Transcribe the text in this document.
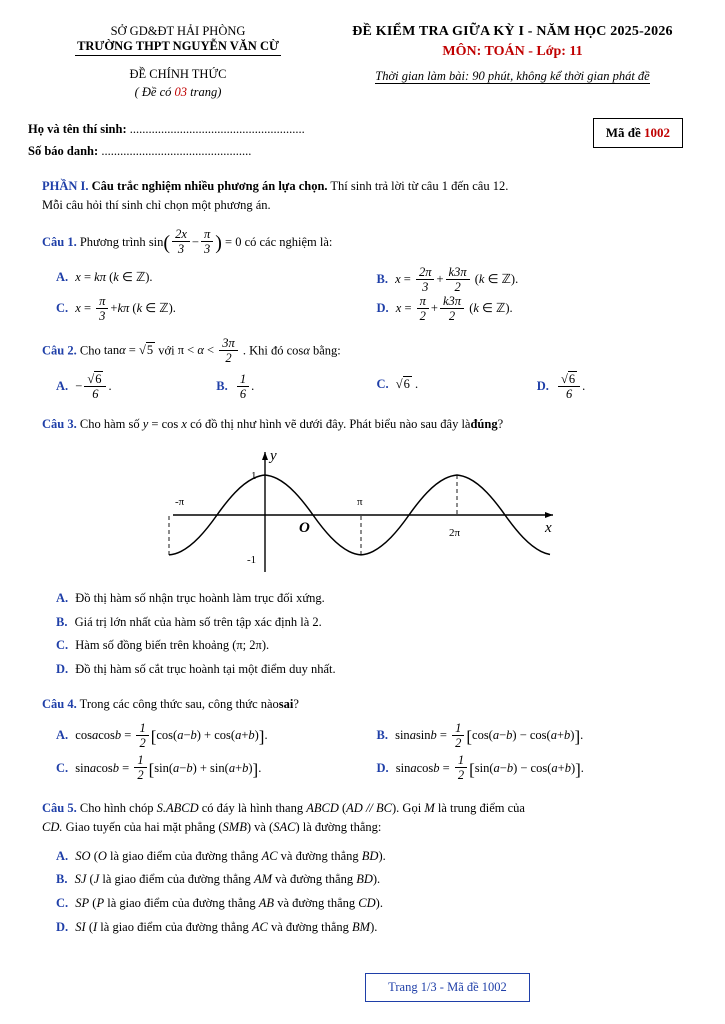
SỞ GD&ĐT HẢI PHÒNG
TRƯỜNG THPT NGUYỄN VĂN CỪ
ĐỀ CHÍNH THỨC
( Đề có 03 trang)
ĐỀ KIỂM TRA GIỮA KỲ I - NĂM HỌC 2025-2026
MÔN: TOÁN - Lớp: 11
Thời gian làm bài: 90 phút, không kể thời gian phát đề
Họ và tên thí sinh: ........................................................
Số báo danh: ................................................
Mã đề 1002
PHẦN I. Câu trắc nghiệm nhiều phương án lựa chọn. Thí sinh trả lời từ câu 1 đến câu 12.
Mỗi câu hỏi thí sinh chỉ chọn một phương án.
Câu 1. Phương trình $\sin( \frac{2x}{3} - \frac{\pi}{3}$ ) = 0 có các nghiệm là:
A. x = kπ (k ∈ ℤ).	B. $x = \frac{2\pi}{3} + \frac{k3\pi}{2} (k$ ∈ ℤ).
C. $x = \frac{\pi}{3} +k\pi$ (k ∈ ℤ).	D. $x = \frac{\pi}{2} + \frac{k3\pi}{2} (k$ ∈ ℤ).
Câu 2. Cho tanα = √5 với $\pi < \alpha < \frac{3\pi}{2}$ . Khi đó cosα bằng:
A. − $\frac{√6}{6}$ .	B. $\frac{1}{6}$ .	C. √6 .	D. $\frac{√6}{6}$ .
Câu 3. Cho hàm số y = cos x có đồ thị như hình vẽ dưới đây. Phát biểu nào sau đây làđúng?
y
x
O
1
-1
-π	π
2π
A. Đồ thị hàm số nhận trục hoành làm trục đối xứng.
B. Giá trị lớn nhất của hàm số trên tập xác định là 2.
C. Hàm số đồng biến trên khoảng (π; 2π).
D. Đồ thị hàm số cắt trục hoành tại một điểm duy nhất.
Câu 4. Trong các công thức sau, công thức nàosai?
A. cosacosb = $\frac{1}{2} [\cos(a-b) + \cos(a+b)]$.	B. sinasinb = $\frac{1}{2} [\cos(a-b) - \cos(a+b)]$.
C. sinacosb = $\frac{1}{2} [\sin(a-b) + \sin(a+b)]$.	D. sinacosb = $\frac{1}{2} [\sin(a-b) - \cos(a+b)]$.
Câu 5. Cho hình chóp S.ABCD có đáy là hình thang ABCD (AD // BC). Gọi M là trung điểm của
CD. Giao tuyến của hai mặt phẳng (SMB) và (SAC) là đường thẳng:
A. SO (O là giao điểm của đường thẳng AC và đường thẳng BD).
B. SJ (J là giao điểm của đường thẳng AM và đường thẳng BD).
C. SP (P là giao điểm của đường thẳng AB và đường thẳng CD).
D. SI (I là giao điểm của đường thẳng AC và đường thẳng BM).
Trang 1/3 - Mã đề 1002
